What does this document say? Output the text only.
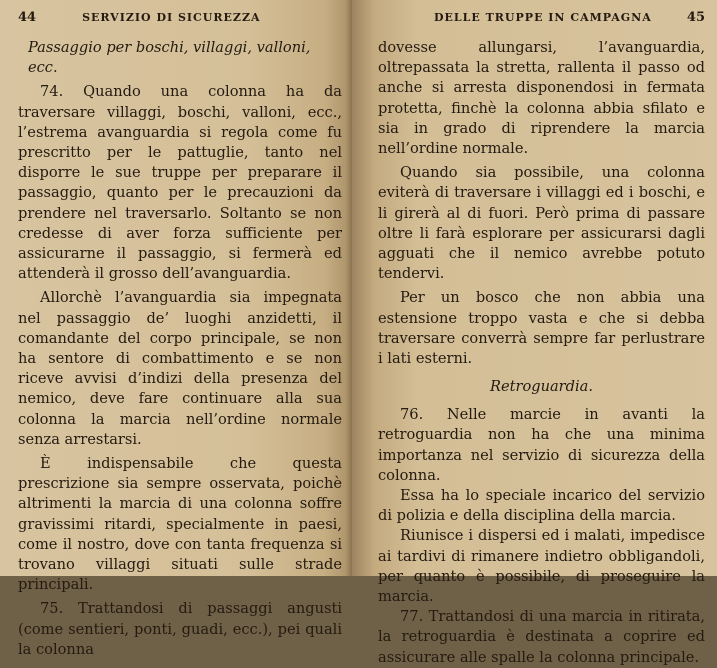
44	SERVIZIO DI SICUREZZA
Passaggio per boschi, villaggi, valloni, ecc.

74. Quando una colonna ha da traversare villaggi, boschi, valloni, ecc., l’estrema avanguardia si regola come fu prescritto per le pattuglie, tanto nel disporre le sue truppe per preparare il passaggio, quanto per le precauzioni da prendere nel traversarlo. Soltanto se non credesse di aver forza sufficiente per assicurarne il passaggio, si fermerà ed attenderà il grosso dell’avanguardia.

Allorchè l’avanguardia sia impegnata nel passaggio de’ luoghi anzidetti, il comandante del corpo principale, se non ha sentore di combattimento e se non riceve avvisi d’indizi della presenza del nemico, deve fare continuare alla sua colonna la marcia nell’ordine normale senza arrestarsi.

È indispensabile che questa prescrizione sia sempre osservata, poichè altrimenti la marcia di una colonna soffre gravissimi ritardi, specialmente in paesi, come il nostro, dove con tanta frequenza si trovano villaggi situati sulle strade principali.

75. Trattandosi di passaggi angusti (come sentieri, ponti, guadi, ecc.), pei quali la colonna

DELLE TRUPPE IN CAMPAGNA	45

dovesse allungarsi, l’avanguardia, oltrepassata la stretta, rallenta il passo od anche si arresta disponendosi in fermata protetta, finchè la colonna abbia sfilato e sia in grado di riprendere la marcia nell’ordine normale.

Quando sia possibile, una colonna eviterà di traversare i villaggi ed i boschi, e li girerà al di fuori. Però prima di passare oltre li farà esplorare per assicurarsi dagli agguati che il nemico avrebbe potuto tendervi.

Per un bosco che non abbia una estensione troppo vasta e che si debba traversare converrà sempre far perlustrare i lati esterni.

Retroguardia.

76. Nelle marcie in avanti la retroguardia non ha che una minima importanza nel servizio di sicurezza della colonna.

Essa ha lo speciale incarico del servizio di polizia e della disciplina della marcia.

Riunisce i dispersi ed i malati, impedisce ai tardivi di rimanere indietro obbligandoli, per quanto è possibile, di proseguire la marcia.

77. Trattandosi di una marcia in ritirata, la retroguardia è destinata a coprire ed assicurare alle spalle la colonna principale.
